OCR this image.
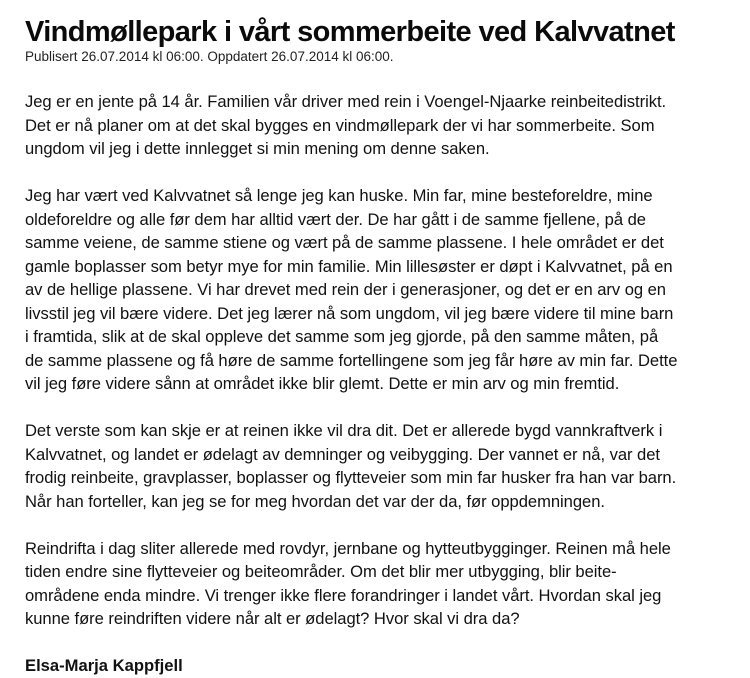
Vindmøllepark i vårt sommerbeite ved Kalvvatnet
Publisert 26.07.2014 kl 06:00. Oppdatert 26.07.2014 kl 06:00.

Jeg er en jente på 14 år. Familien vår driver med rein i Voengel-Njaarke reinbeitedistrikt.
Det er nå planer om at det skal bygges en vindmøllepark der vi har sommerbeite. Som
ungdom vil jeg i dette innlegget si min mening om denne saken.

Jeg har vært ved Kalvvatnet så lenge jeg kan huske. Min far, mine besteforeldre, mine
oldeforeldre og alle før dem har alltid vært der. De har gått i de samme fjellene, på de
samme veiene, de samme stiene og vært på de samme plassene. I hele området er det
gamle boplasser som betyr mye for min familie. Min lillesøster er døpt i Kalvvatnet, på en
av de hellige plassene. Vi har drevet med rein der i generasjoner, og det er en arv og en
livsstil jeg vil bære videre. Det jeg lærer nå som ungdom, vil jeg bære videre til mine barn
i framtida, slik at de skal oppleve det samme som jeg gjorde, på den samme måten, på
de samme plassene og få høre de samme fortellingene som jeg får høre av min far. Dette
vil jeg føre videre sånn at området ikke blir glemt. Dette er min arv og min fremtid.

Det verste som kan skje er at reinen ikke vil dra dit. Det er allerede bygd vannkraftverk i
Kalvvatnet, og landet er ødelagt av demninger og veibygging. Der vannet er nå, var det
frodig reinbeite, gravplasser, boplasser og flytteveier som min far husker fra han var barn.
Når han forteller, kan jeg se for meg hvordan det var der da, før oppdemningen.

Reindrifta i dag sliter allerede med rovdyr, jernbane og hytteutbygginger. Reinen må hele
tiden endre sine flytteveier og beiteområder. Om det blir mer utbygging, blir beite-
områdene enda mindre. Vi trenger ikke flere forandringer i landet vårt. Hvordan skal jeg
kunne føre reindriften videre når alt er ødelagt? Hvor skal vi dra da?

Elsa-Marja Kappfjell
